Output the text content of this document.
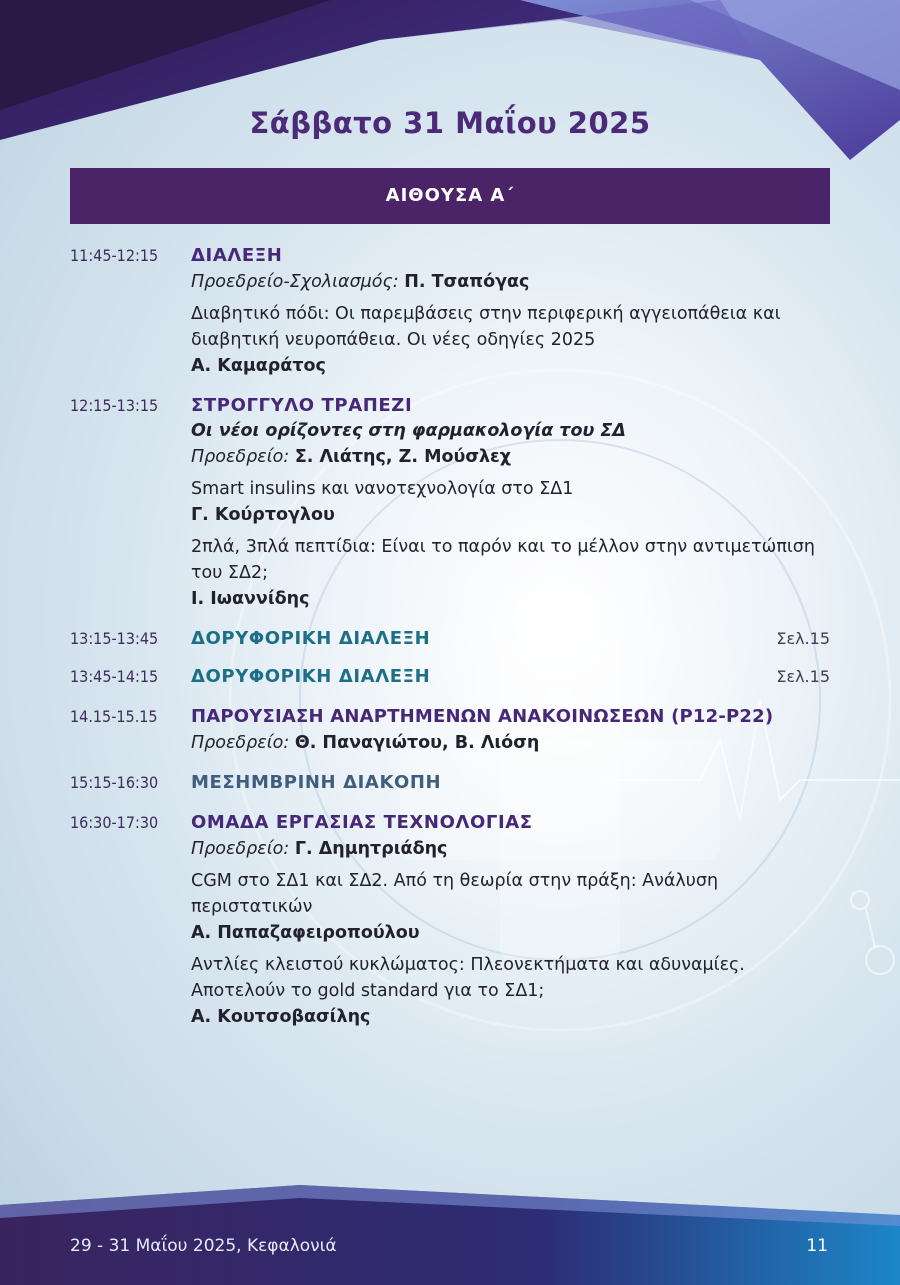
Σάββατο 31 Μαΐου 2025
ΑΙΘΟΥΣΑ Α΄
11:45-12:15 ΔΙΑΛΕΞΗ
Προεδρείο-Σχολιασμός: Π. Τσαπόγας
Διαβητικό πόδι: Οι παρεμβάσεις στην περιφερική αγγειοπάθεια και διαβητική νευροπάθεια. Οι νέες οδηγίες 2025
Α. Καμαράτος
12:15-13:15 ΣΤΡΟΓΓΥΛΟ ΤΡΑΠΕΖΙ
Οι νέοι ορίζοντες στη φαρμακολογία του ΣΔ
Προεδρείο: Σ. Λιάτης, Ζ. Μούσλεχ
Smart insulins και νανοτεχνολογία στο ΣΔ1
Γ. Κούρτογλου
2πλά, 3πλά πεπτίδια: Είναι το παρόν και το μέλλον στην αντιμετώπιση του ΣΔ2;
Ι. Ιωαννίδης
13:15-13:45 ΔΟΡΥΦΟΡΙΚΗ ΔΙΑΛΕΞΗ	Σελ.15
13:45-14:15 ΔΟΡΥΦΟΡΙΚΗ ΔΙΑΛΕΞΗ	Σελ.15
14.15-15.15 ΠΑΡΟΥΣΙΑΣΗ ΑΝΑΡΤΗΜΕΝΩΝ ΑΝΑΚΟΙΝΩΣΕΩΝ (Ρ12-Ρ22)
Προεδρείο: Θ. Παναγιώτου, Β. Λιόση
15:15-16:30 ΜΕΣΗΜΒΡΙΝΗ ΔΙΑΚΟΠΗ
16:30-17:30 ΟΜΑΔΑ ΕΡΓΑΣΙΑΣ ΤΕΧΝΟΛΟΓΙΑΣ
Προεδρείο: Γ. Δημητριάδης
CGM στο ΣΔ1 και ΣΔ2. Από τη θεωρία στην πράξη: Ανάλυση περιστατικών
Α. Παπαζαφειροπούλου
Αντλίες κλειστού κυκλώματος: Πλεονεκτήματα και αδυναμίες. Αποτελούν το gold standard για το ΣΔ1;
Α. Κουτσοβασίλης
29 - 31 Μαΐου 2025, Κεφαλονιά	11
